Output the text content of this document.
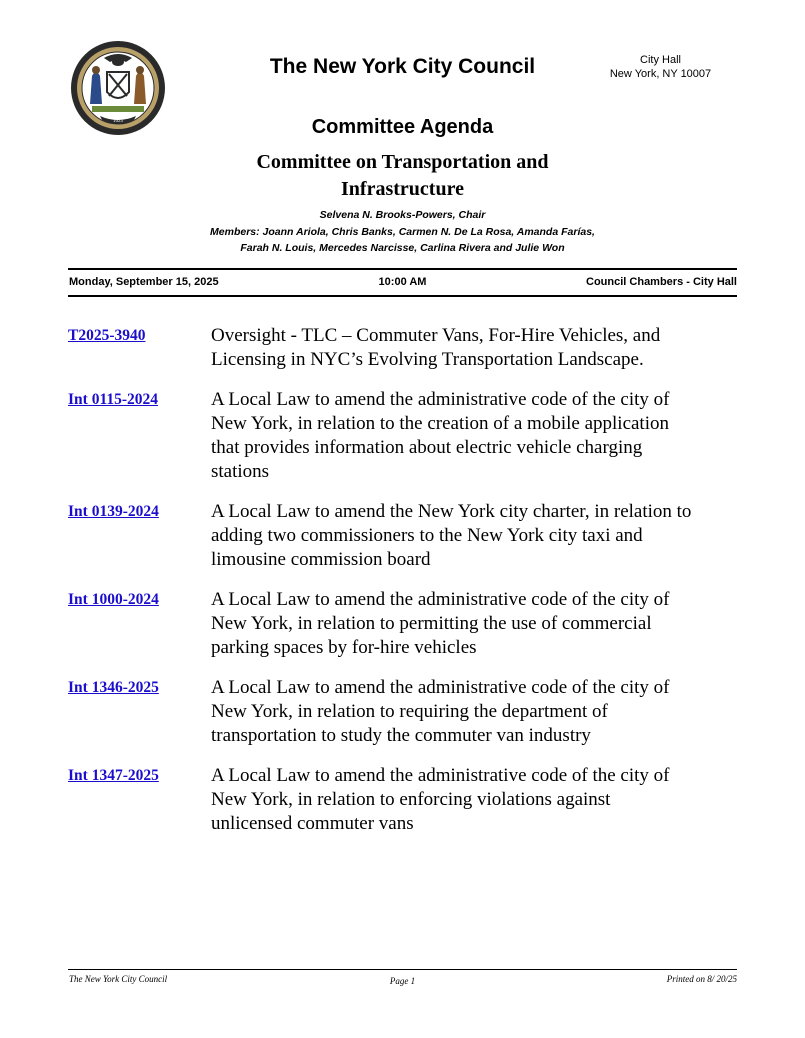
1625
The New York City Council	City Hall
New York, NY 10007
Committee Agenda
Committee on Transportation and
Infrastructure
Selvena N. Brooks-Powers, Chair
Members: Joann Ariola, Chris Banks, Carmen N. De La Rosa, Amanda Farías,
Farah N. Louis, Mercedes Narcisse, Carlina Rivera and Julie Won
Monday, September 15, 2025	10:00 AM	Council Chambers - City Hall
T2025-3940	Oversight - TLC – Commuter Vans, For-Hire Vehicles, and
Licensing in NYC’s Evolving Transportation Landscape.
Int 0115-2024	A Local Law to amend the administrative code of the city of
New York, in relation to the creation of a mobile application
that provides information about electric vehicle charging
stations
Int 0139-2024	A Local Law to amend the New York city charter, in relation to
adding two commissioners to the New York city taxi and
limousine commission board
Int 1000-2024	A Local Law to amend the administrative code of the city of
New York, in relation to permitting the use of commercial
parking spaces by for-hire vehicles
Int 1346-2025	A Local Law to amend the administrative code of the city of
New York, in relation to requiring the department of
transportation to study the commuter van industry
Int 1347-2025	A Local Law to amend the administrative code of the city of
New York, in relation to enforcing violations against
unlicensed commuter vans
The New York City Council	Page 1	Printed on 8/ 20/25
